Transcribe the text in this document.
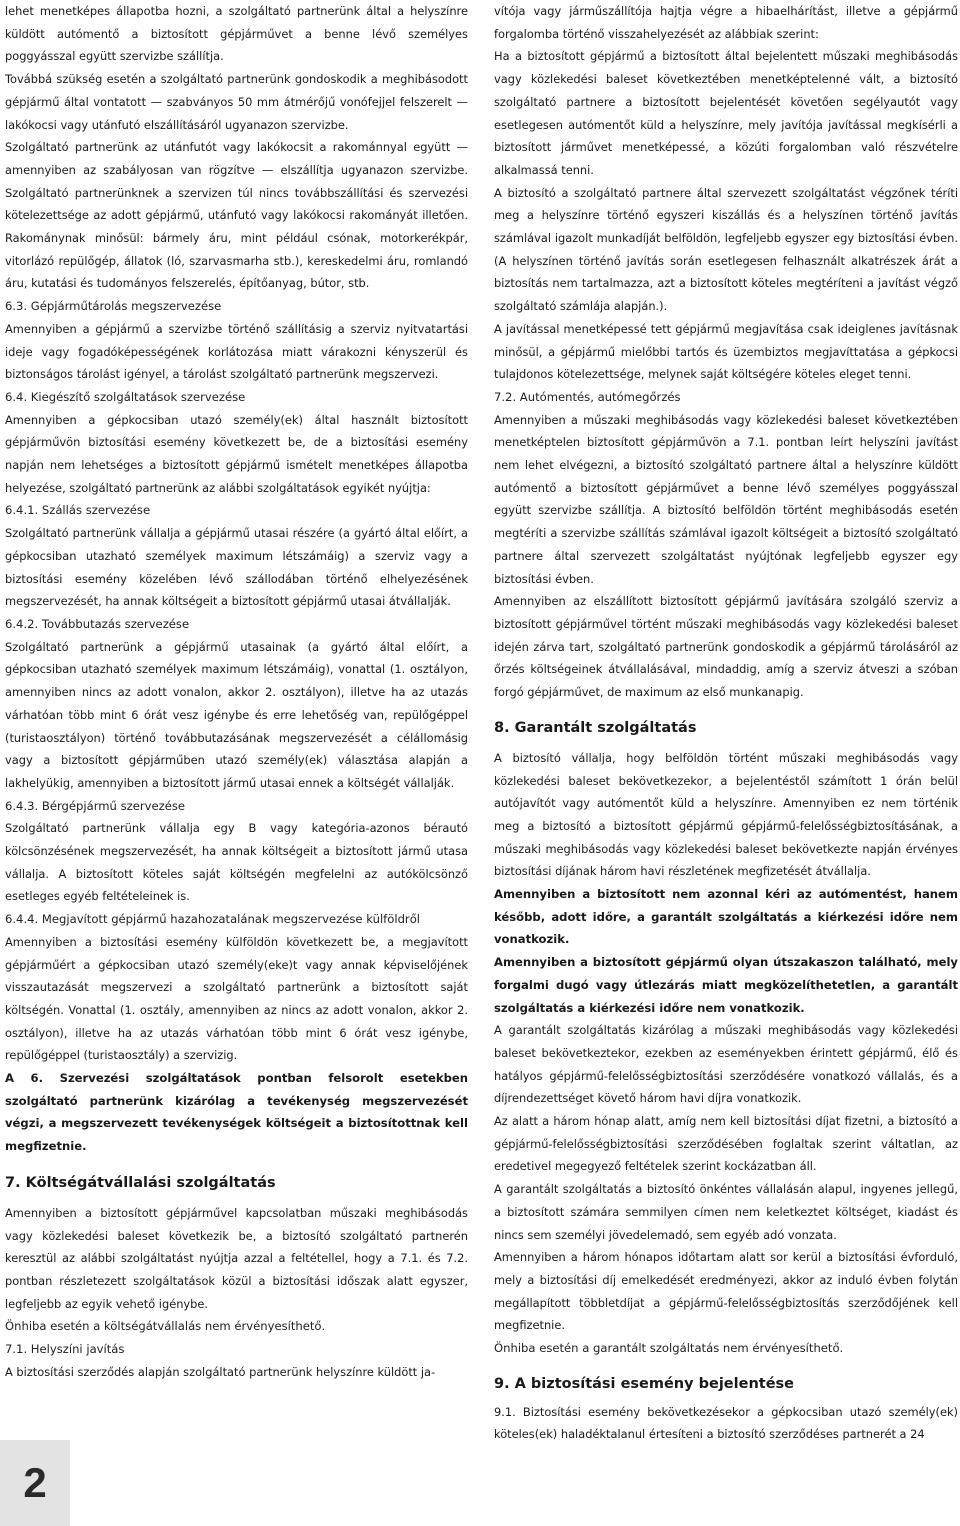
lehet menetképes állapotba hozni, a szolgáltató partnerünk által a helyszínre küldött autómentő a biztosított gépjárművet a benne lévő személyes poggyásszal együtt szervizbe szállítja.

Továbbá szükség esetén a szolgáltató partnerünk gondoskodik a meghibásodott gépjármű által vontatott — szabványos 50 mm átmérőjű vonófejjel felszerelt — lakókocsi vagy utánfutó elszállításáról ugyanazon szervizbe.

Szolgáltató partnerünk az utánfutót vagy lakókocsit a rakománnyal együtt — amennyiben az szabályosan van rögzítve — elszállítja ugyanazon szervizbe. Szolgáltató partnerünknek a szervizen túl nincs továbbszállítási és szervezési kötelezettsége az adott gépjármű, utánfutó vagy lakókocsi rakományát illetően. Rakománynak minősül: bármely áru, mint például csónak, motorkerékpár, vitorlázó repülőgép, állatok (ló, szarvasmarha stb.), kereskedelmi áru, romlandó áru, kutatási és tudományos felszerelés, építőanyag, bútor, stb.

6.3. Gépjárműtárolás megszervezése

Amennyiben a gépjármű a szervizbe történő szállításig a szerviz nyitvatartási ideje vagy fogadóképességének korlátozása miatt várakozni kényszerül és biztonságos tárolást igényel, a tárolást szolgáltató partnerünk megszervezi.

6.4. Kiegészítő szolgáltatások szervezése

Amennyiben a gépkocsiban utazó személy(ek) által használt biztosított gépjárművön biztosítási esemény következett be, de a biztosítási esemény napján nem lehetséges a biztosított gépjármű ismételt menetképes állapotba helyezése, szolgáltató partnerünk az alábbi szolgáltatások egyikét nyújtja:

6.4.1. Szállás szervezése

Szolgáltató partnerünk vállalja a gépjármű utasai részére (a gyártó által előírt, a gépkocsiban utazható személyek maximum létszámáig) a szerviz vagy a biztosítási esemény közelében lévő szállodában történő elhelyezésének megszervezését, ha annak költségeit a biztosított gépjármű utasai átvállalják.

6.4.2. Továbbutazás szervezése

Szolgáltató partnerünk a gépjármű utasainak (a gyártó által előírt, a gépkocsiban utazható személyek maximum létszámáig), vonattal (1. osztályon, amennyiben nincs az adott vonalon, akkor 2. osztályon), illetve ha az utazás várhatóan több mint 6 órát vesz igénybe és erre lehetőség van, repülőgéppel (turistaosztályon) történő továbbutazásának megszervezését a célállomásig vagy a biztosított gépjárműben utazó személy(ek) választása alapján a lakhelyükig, amennyiben a biztosított jármű utasai ennek a költségét vállalják.

6.4.3. Bérgépjármű szervezése

Szolgáltató partnerünk vállalja egy B vagy kategória-azonos bérautó kölcsönzésének megszervezését, ha annak költségeit a biztosított jármű utasa vállalja. A biztosított köteles saját költségén megfelelni az autókölcsönző esetleges egyéb feltételeinek is.

6.4.4. Megjavított gépjármű hazahozatalának megszervezése külföldről

Amennyiben a biztosítási esemény külföldön következett be, a megjavított gépjárműért a gépkocsiban utazó személy(eke)t vagy annak képviselőjének visszautazását megszervezi a szolgáltató partnerünk a biztosított saját költségén. Vonattal (1. osztály, amennyiben az nincs az adott vonalon, akkor 2. osztályon), illetve ha az utazás várhatóan több mint 6 órát vesz igénybe, repülőgéppel (turistaosztály) a szervizig.

A 6. Szervezési szolgáltatások pontban felsorolt esetekben szolgáltató partnerünk kizárólag a tevékenység megszervezését végzi, a megszervezett tevékenységek költségeit a biztosítottnak kell megfizetnie.

7. Költségátvállalási szolgáltatás

Amennyiben a biztosított gépjárművel kapcsolatban műszaki meghibásodás vagy közlekedési baleset következik be, a biztosító szolgáltató partnerén keresztül az alábbi szolgáltatást nyújtja azzal a feltétellel, hogy a 7.1. és 7.2. pontban részletezett szolgáltatások közül a biztosítási időszak alatt egyszer, legfeljebb az egyik vehető igénybe.

Önhiba esetén a költségátvállalás nem érvényesíthető.

7.1. Helyszíni javítás

A biztosítási szerződés alapján szolgáltató partnerünk helyszínre küldött ja-

vítója vagy járműszállítója hajtja végre a hibaelhárítást, illetve a gépjármű forgalomba történő visszahelyezését az alábbiak szerint:

Ha a biztosított gépjármű a biztosított által bejelentett műszaki meghibásodás vagy közlekedési baleset következtében menetképtelenné vált, a biztosító szolgáltató partnere a biztosított bejelentését követően segélyautót vagy esetlegesen autómentőt küld a helyszínre, mely javítója javítással megkísérli a biztosított járművet menetképessé, a közúti forgalomban való részvételre alkalmassá tenni.

A biztosító a szolgáltató partnere által szervezett szolgáltatást végzőnek téríti meg a helyszínre történő egyszeri kiszállás és a helyszínen történő javítás számlával igazolt munkadíját belföldön, legfeljebb egyszer egy biztosítási évben. (A helyszínen történő javítás során esetlegesen felhasznált alkatrészek árát a biztosítás nem tartalmazza, azt a biztosított köteles megtéríteni a javítást végző szolgáltató számlája alapján.).

A javítással menetképessé tett gépjármű megjavítása csak ideiglenes javításnak minősül, a gépjármű mielőbbi tartós és üzembiztos megjavíttatása a gépkocsi tulajdonos kötelezettsége, melynek saját költségére köteles eleget tenni.

7.2. Autómentés, autómegőrzés

Amennyiben a műszaki meghibásodás vagy közlekedési baleset következtében menetképtelen biztosított gépjárművön a 7.1. pontban leírt helyszíni javítást nem lehet elvégezni, a biztosító szolgáltató partnere által a helyszínre küldött autómentő a biztosított gépjárművet a benne lévő személyes poggyásszal együtt szervizbe szállítja. A biztosító belföldön történt meghibásodás esetén megtéríti a szervizbe szállítás számlával igazolt költségeit a biztosító szolgáltató partnere által szervezett szolgáltatást nyújtónak legfeljebb egyszer egy biztosítási évben.

Amennyiben az elszállított biztosított gépjármű javítására szolgáló szerviz a biztosított gépjárművel történt műszaki meghibásodás vagy közlekedési baleset idején zárva tart, szolgáltató partnerünk gondoskodik a gépjármű tárolásáról az őrzés költségeinek átvállalásával, mindaddig, amíg a szerviz átveszi a szóban forgó gépjárművet, de maximum az első munkanapig.

8. Garantált szolgáltatás

A biztosító vállalja, hogy belföldön történt műszaki meghibásodás vagy közlekedési baleset bekövetkezekor, a bejelentéstől számított 1 órán belül autójavítót vagy autómentőt küld a helyszínre. Amennyiben ez nem történik meg a biztosító a biztosított gépjármű gépjármű-felelősségbiztosításának, a műszaki meghibásodás vagy közlekedési baleset bekövetkezte napján érvényes biztosítási díjának három havi részletének megfizetését átvállalja.

Amennyiben a biztosított nem azonnal kéri az autómentést, hanem később, adott időre, a garantált szolgáltatás a kiérkezési időre nem vonatkozik.

Amennyiben a biztosított gépjármű olyan útszakaszon található, mely forgalmi dugó vagy útlezárás miatt megközelíthetetlen, a garantált szolgáltatás a kiérkezési időre nem vonatkozik.

A garantált szolgáltatás kizárólag a műszaki meghibásodás vagy közlekedési baleset bekövetkeztekor, ezekben az eseményekben érintett gépjármű, élő és hatályos gépjármű-felelősségbiztosítási szerződésére vonatkozó vállalás, és a díjrendezettséget követő három havi díjra vonatkozik.

Az alatt a három hónap alatt, amíg nem kell biztosítási díjat fizetni, a biztosító a gépjármű-felelősségbiztosítási szerződésében foglaltak szerint váltatlan, az eredetivel megegyező feltételek szerint kockázatban áll.

A garantált szolgáltatás a biztosító önkéntes vállalásán alapul, ingyenes jellegű, a biztosított számára semmilyen címen nem keletkeztet költséget, kiadást és nincs sem személyi jövedelemadó, sem egyéb adó vonzata.

Amennyiben a három hónapos időtartam alatt sor kerül a biztosítási évforduló, mely a biztosítási díj emelkedését eredményezi, akkor az induló évben folytán megállapított többletdíjat a gépjármű-felelősségbiztosítás szerződőjének kell megfizetnie.

Önhiba esetén a garantált szolgáltatás nem érvényesíthető.

9. A biztosítási esemény bejelentése

9.1. Biztosítási esemény bekövetkezésekor a gépkocsiban utazó személy(ek) köteles(ek) haladéktalanul értesíteni a biztosító szerződéses partnerét a 24

2
